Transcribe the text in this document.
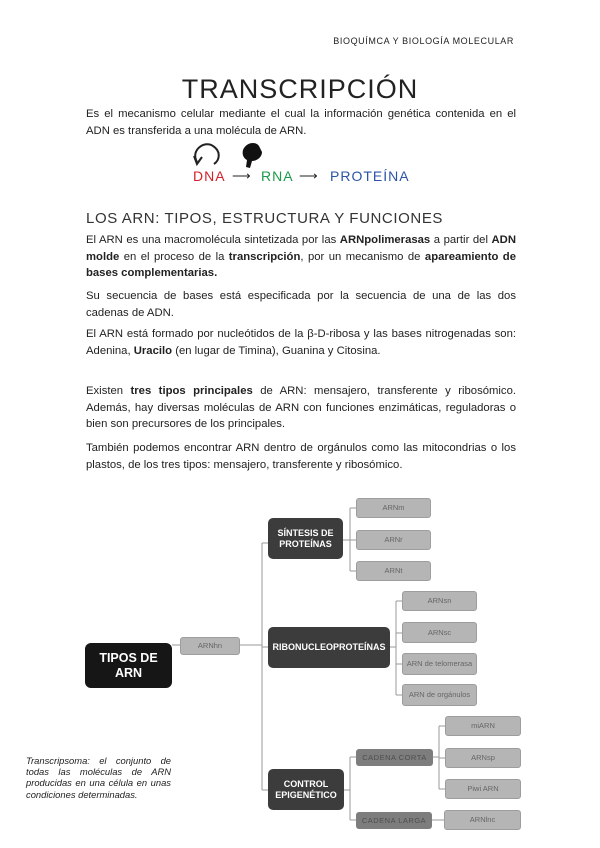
BIOQUÍMCA Y BIOLOGÍA MOLECULAR
TRANSCRIPCIÓN

Es el mecanismo celular mediante el cual la información genética contenida en el ADN es transferida a una molécula de ARN.

DNA ⟶ RNA ⟶ PROTEÍNA
LOS ARN: TIPOS, ESTRUCTURA Y FUNCIONES

El ARN es una macromolécula sintetizada por las ARNpolimerasas a partir del ADN molde en el proceso de la transcripción, por un mecanismo de apareamiento de bases complementarias.

Su secuencia de bases está especificada por la secuencia de una de las dos cadenas de ADN.

El ARN está formado por nucleótidos de la β-D-ribosa y las bases nitrogenadas son: Adenina, Uracilo (en lugar de Timina), Guanina y Citosina.

Existen tres tipos principales de ARN: mensajero, transferente y ribosómico. Además, hay diversas moléculas de ARN con funciones enzimáticas, reguladoras o bien son precursores de los principales.

También podemos encontrar ARN dentro de orgánulos como las mitocondrias o los plastos, de los tres tipos: mensajero, transferente y ribosómico.

TIPOS DE ARN
ARNhn
SÍNTESIS DE PROTEÍNAS
ARNm
ARNr
ARNt
RIBONUCLEOPROTEÍNAS
ARNsn
ARNsc
ARN de telomerasa
ARN de orgánulos
CONTROL EPIGENÉTICO
CADENA CORTA
CADENA LARGA
miARN
ARNsp
Piwi ARN
ARNlnc
Transcripsoma: el conjunto de todas las moléculas de ARN producidas en una célula en unas condiciones determinadas.
